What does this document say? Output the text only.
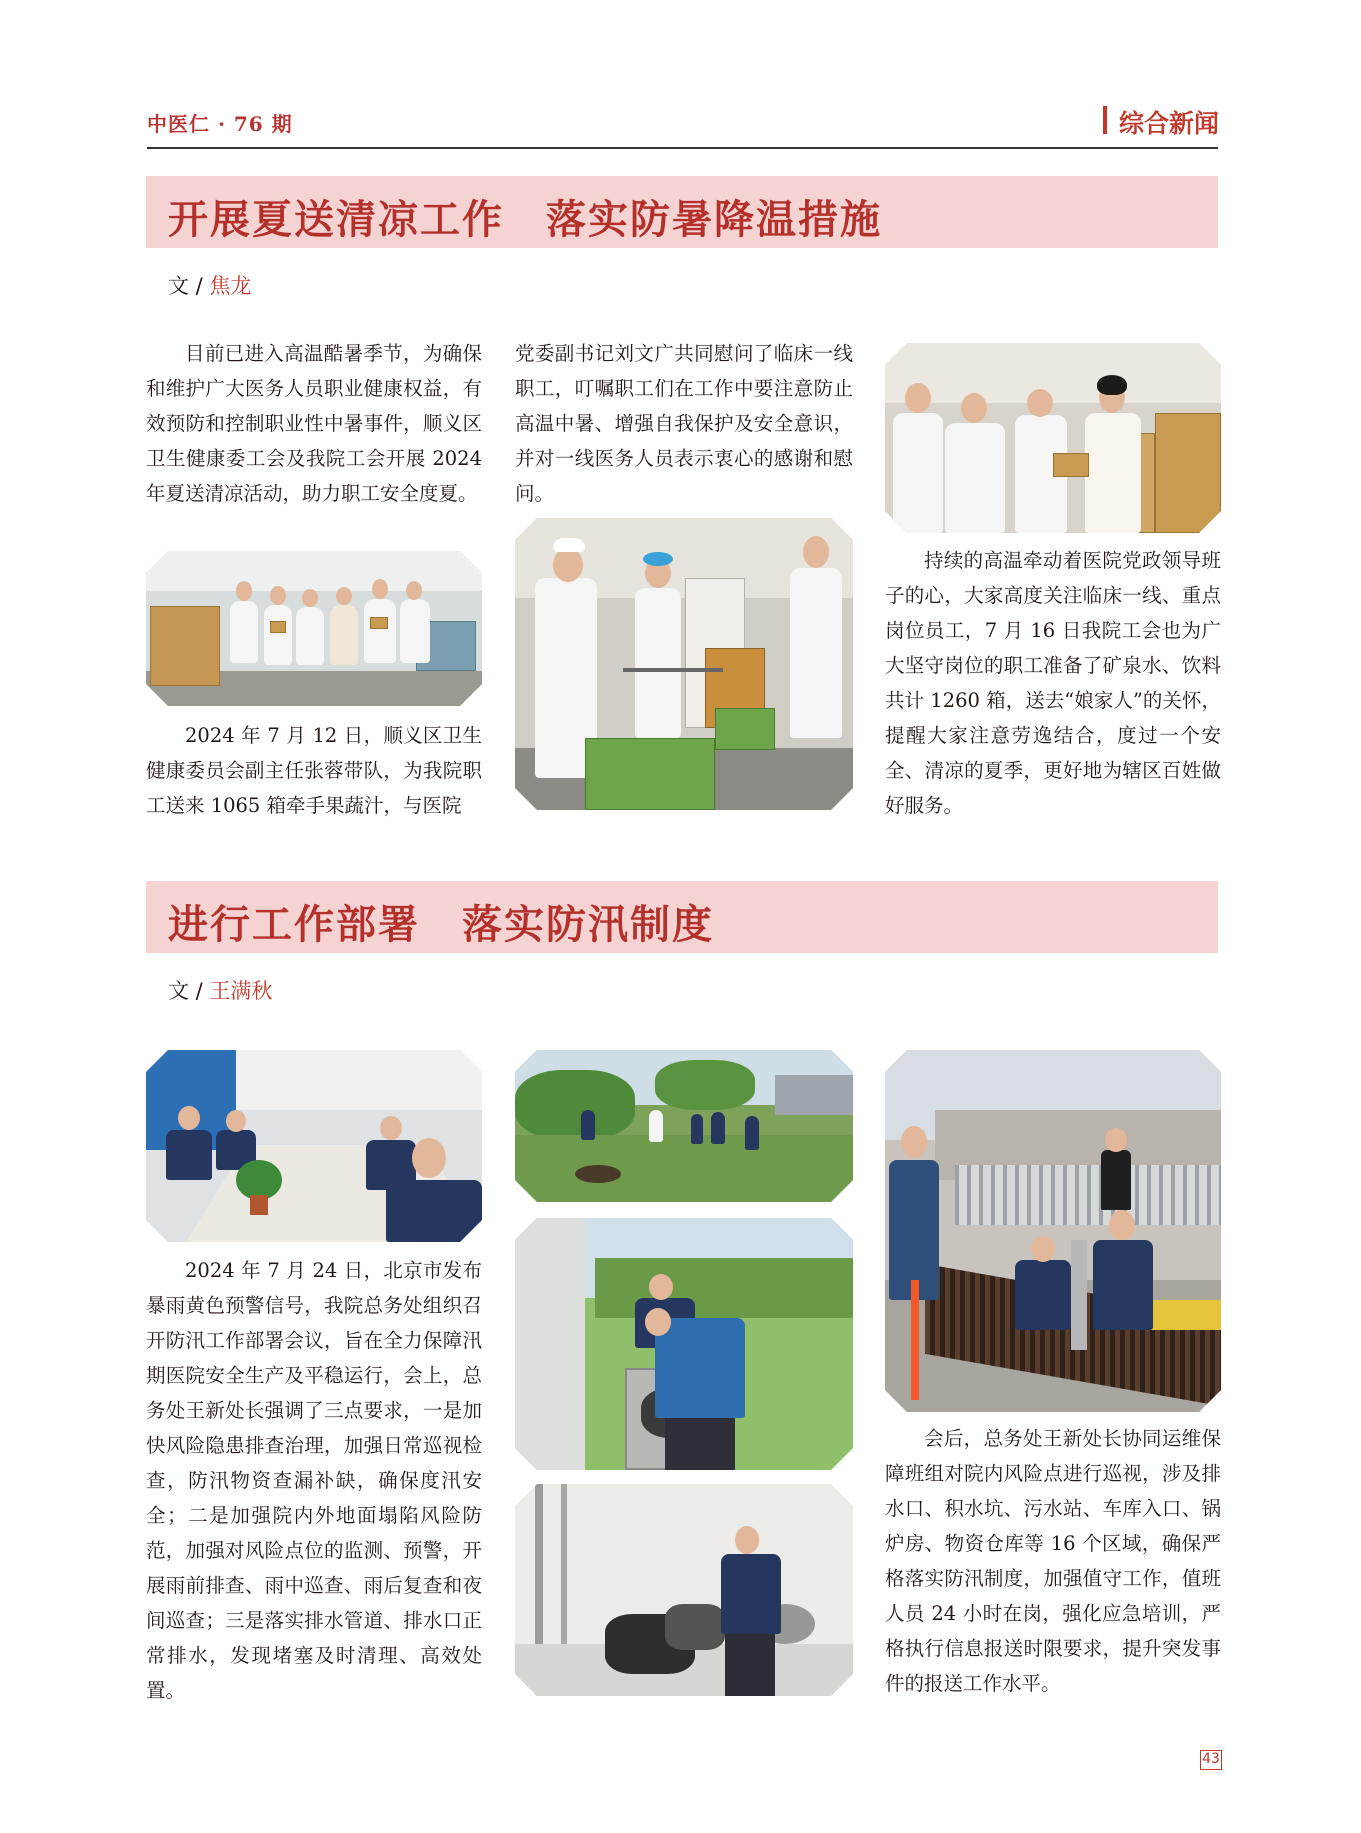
中医仁 · 76 期	综合新闻
开展夏送清凉工作　落实防暑降温措施
文 / 焦龙
目前已进入高温酷暑季节，为确保和维护广大医务人员职业健康权益，有效预防和控制职业性中暑事件，顺义区卫生健康委工会及我院工会开展 2024 年夏送清凉活动，助力职工安全度夏。
2024 年 7 月 12 日，顺义区卫生健康委员会副主任张蓉带队，为我院职工送来 1065 箱牵手果蔬汁，与医院
党委副书记刘文广共同慰问了临床一线职工，叮嘱职工们在工作中要注意防止高温中暑、增强自我保护及安全意识，并对一线医务人员表示衷心的感谢和慰问。
持续的高温牵动着医院党政领导班子的心，大家高度关注临床一线、重点岗位员工，7 月 16 日我院工会也为广大坚守岗位的职工准备了矿泉水、饮料共计 1260 箱，送去“娘家人”的关怀，提醒大家注意劳逸结合，度过一个安全、清凉的夏季，更好地为辖区百姓做好服务。
进行工作部署　落实防汛制度
文 / 王满秋
2024 年 7 月 24 日，北京市发布暴雨黄色预警信号，我院总务处组织召开防汛工作部署会议，旨在全力保障汛期医院安全生产及平稳运行，会上，总务处王新处长强调了三点要求，一是加快风险隐患排查治理，加强日常巡视检查，防汛物资查漏补缺，确保度汛安全；二是加强院内外地面塌陷风险防范，加强对风险点位的监测、预警，开展雨前排查、雨中巡查、雨后复查和夜间巡查；三是落实排水管道、排水口正常排水，发现堵塞及时清理、高效处置。
会后，总务处王新处长协同运维保障班组对院内风险点进行巡视，涉及排水口、积水坑、污水站、车库入口、锅炉房、物资仓库等 16 个区域，确保严格落实防汛制度，加强值守工作，值班人员 24 小时在岗，强化应急培训，严格执行信息报送时限要求，提升突发事件的报送工作水平。
43
